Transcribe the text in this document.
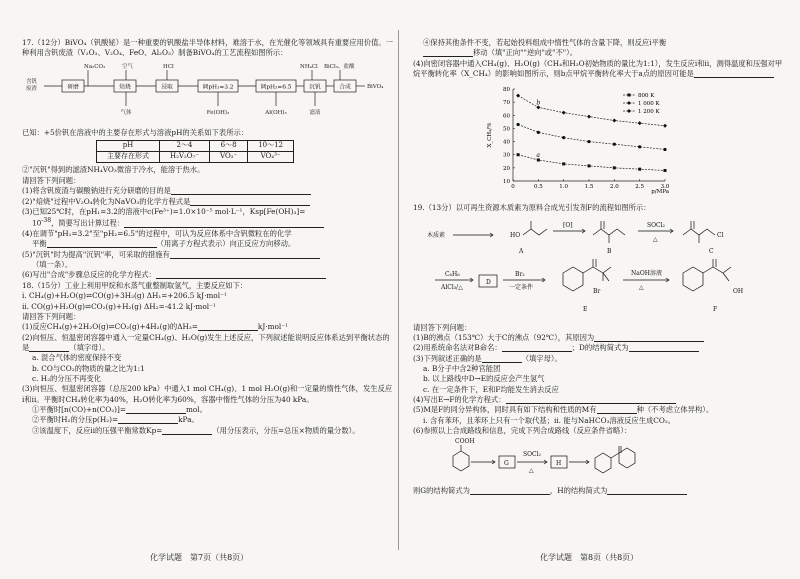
17.（12分）BiVO₄（钒酸铋）是一种重要的钒酸盐半导体材料，难溶于水，在光催化等领域具有重要应用价值。一种利用含钒废渣（V₂O₃、V₂O₄、FeO、Al₂O₃）制备BiVO₄的工艺流程如图所示：

Na₂CO₃	空气	HCl	NH₄Cl BiCl₃、盐酸
含钒
废渣	BiVO₄
研磨	焙烧	浸取	调pH₁=3.2	调pH₂=6.5	沉钒	合成
气体	Fe(OH)₃	Al(OH)₃	滤液

已知：+5价钒在溶液中的主要存在形式与溶液pH的关系如下表所示：

pH	2～4	6～8	10～12
主要存在形式	H₂V₂O₇⁻	VO₃⁻	VO₄³⁻

②"沉钒"得到的滤渣NH₄VO₃微溶于冷水，能溶于热水。

请回答下列问题：

(1)将含钒废渣与碳酸钠进行充分研磨的目的是

(2)"焙烧"过程中V₂O₄转化为NaVO₃的化学方程式是

(3)已知25℃时，在pH₁=3.2的溶液中c(Fe³⁺)=1.0×10⁻⁵ mol·L⁻¹，Ksp[Fe(OH)₃]=

$10^{-38}$，简要写出计算过程：

(4)在调节"pH₁=3.2"至"pH₂=6.5"的过程中，可认为反应体系中含钒微粒在的化学

平衡	（用离子方程式表示）向正反应方向移动。

(5)"沉钒"时为提高"沉钒"率，可采取的措施有

（填一条）。

(6)写出"合成"步骤总反应的化学方程式：

18.（15分）工业上利用甲烷和水蒸气重整制取氢气，主要反应如下：

ⅰ. CH₄(g)+H₂O(g)⇌CO(g)+3H₂(g) ΔH₁=+206.5 kJ·mol⁻¹

ⅱ. CO(g)+H₂O(g)⇌CO₂(g)+H₂(g) ΔH₂=-41.2 kJ·mol⁻¹

请回答下列问题：

(1)反应CH₄(g)+2H₂O(g)⇌CO₂(g)+4H₂(g)的ΔH₃=	kJ·mol⁻¹

(2)向恒压、恒温密闭容器中通入一定量CH₄(g)、H₂O(g)发生上述反应，下列叙述能说明反应体系达到平衡状态的是	（填字母）。

a. 混合气体的密度保持不变

b. CO与CO₂的物质的量之比为1:1

c. H₂的分压不再变化

(3)向恒压、恒温密闭容器（总压200 kPa）中通入1 mol CH₄(g)、1 mol H₂O(g)和一定量的惰性气体，发生反应ⅰ和ⅱ。平衡时CH₄转化率为40%，H₂O转化率为60%，容器中惰性气体的分压为40 kPa。

①平衡时[n(CO)+n(CO₂)]=	mol。

②平衡时H₂的分压p(H₂)=	kPa。

③该温度下，反应ⅱ的压强平衡常数Kp=	（用分压表示，分压=总压×物质的量分数）。

④保持其他条件不变，若起始投料组成中惰性气体的含量下降，则反应ⅰ平衡

移动（填"正向""逆向"或"不"）。

(4)向密闭容器中通入CH₄(g)、H₂O(g)（CH₄和H₂O初始物质的量比为1:1），发生反应ⅰ和ⅱ，测得温度和压强对甲烷平衡转化率（X_CH₄）的影响如图所示，则b点甲烷平衡转化率大于a点的原因可能是

0	0.5	1.0	1.5	2.0	2.5	3.0
10
20
30
40
50
60
70
80
p/MPa
X_CH₄/%
a
b
800 K
1 000 K
1 200 K

19.（13分）以可再生资源木质素为原料合成光引发剂F的流程如图所示：

木质素	HO
A	B	C
[O]	SOCl₂
△
Cl
C₆H₆
AlCl₃/△
D
Br₂
一定条件
Br
E
NaOH溶液
△
OH
F

请回答下列问题：

(1)B的沸点（153℃）大于C的沸点（92℃），其原因为

(2)用系统命名法对B命名：	；D的结构简式为

(3)下列叙述正确的是	（填字母）。

a. B分子中含2种官能团

b. 以上路线中D→E的反应会产生氢气

c. 在一定条件下，E和F均能发生消去反应

(4)写出E→F的化学方程式：

(5)M是F的同分异构体，同时具有如下结构和性质的M有	种（不考虑立体异构）。

ⅰ. 含有苯环，且苯环上只有一个取代基；ⅱ. 能与NaHCO₃溶液反应生成CO₂。

(6)参照以上合成路线和信息，完成下列合成路线（反应条件省略）：

COOH
G
SOCl₂
△
H

则G的结构简式为	，H的结构简式为

化学试题　第7页（共8页）	化学试题　第8页（共8页）
